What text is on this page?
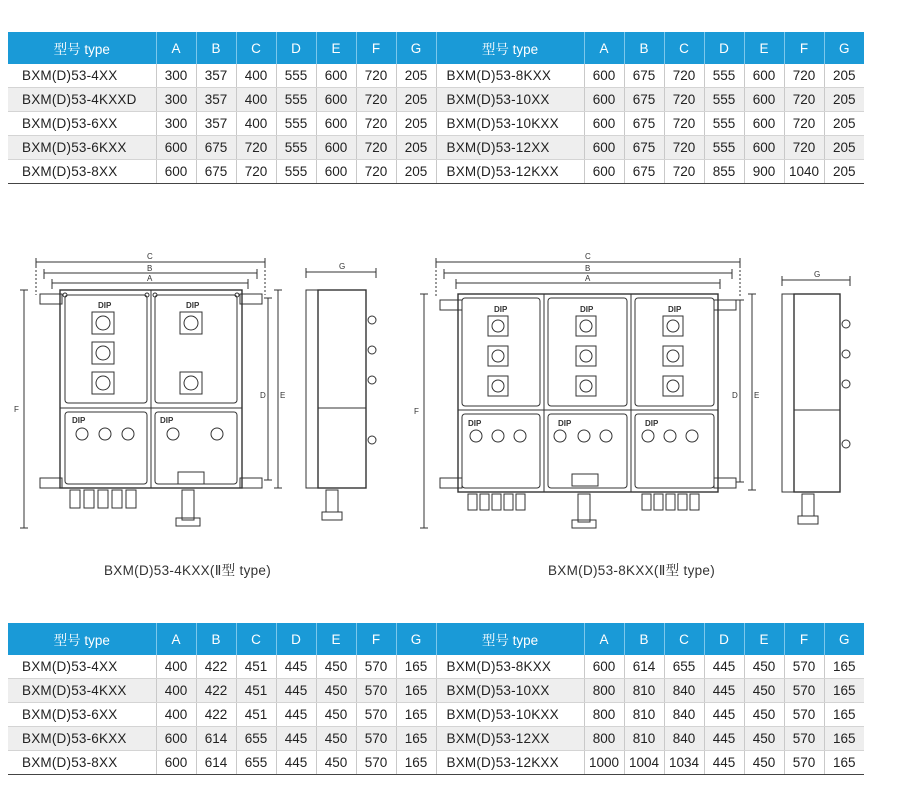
型号 type	A	B	C	D	E	F	G	型号 type	A	B	C	D	E	F	G
BXM(D)53-4XX	300	357	400	555	600	720	205	BXM(D)53-8KXX	600	675	720	555	600	720	205
BXM(D)53-4KXXD	300	357	400	555	600	720	205	BXM(D)53-10XX	600	675	720	555	600	720	205
BXM(D)53-6XX	300	357	400	555	600	720	205	BXM(D)53-10KXX	600	675	720	555	600	720	205
BXM(D)53-6KXX	600	675	720	555	600	720	205	BXM(D)53-12XX	600	675	720	555	600	720	205
BXM(D)53-8XX	600	675	720	555	600	720	205	BXM(D)53-12KXX	600	675	720	855	900	1040	205
C
B
A
F
D E
G
DIP	DIP
DIP	DIP
BXM(D)53-4KXX(Ⅱ型 type)
C
B
A
F
D E
G
DIP	DIP	DIP
DIP	DIP	DIP
BXM(D)53-8KXX(Ⅱ型 type)
型号 type	A	B	C	D	E	F	G	型号 type	A	B	C	D	E	F	G
BXM(D)53-4XX	400	422	451	445	450	570	165	BXM(D)53-8KXX	600	614	655	445	450	570	165
BXM(D)53-4KXX	400	422	451	445	450	570	165	BXM(D)53-10XX	800	810	840	445	450	570	165
BXM(D)53-6XX	400	422	451	445	450	570	165	BXM(D)53-10KXX	800	810	840	445	450	570	165
BXM(D)53-6KXX	600	614	655	445	450	570	165	BXM(D)53-12XX	800	810	840	445	450	570	165
BXM(D)53-8XX	600	614	655	445	450	570	165	BXM(D)53-12KXX	1000	1004	1034	445	450	570	165
